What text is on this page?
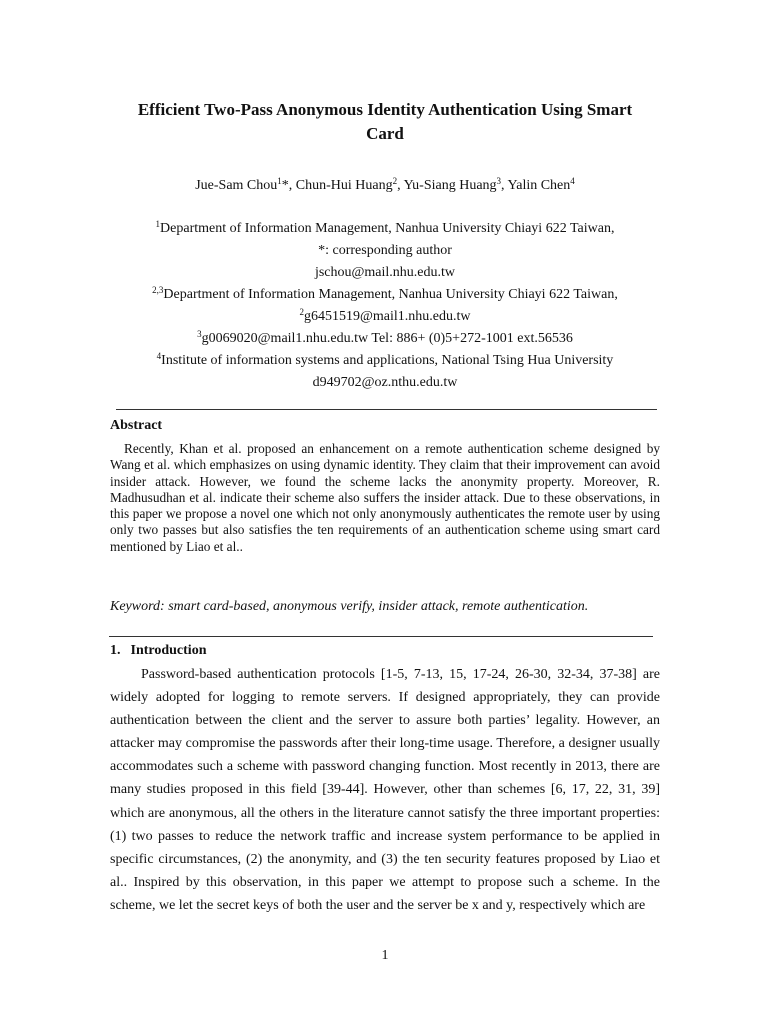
Efficient Two-Pass Anonymous Identity Authentication Using Smart
Card
Jue-Sam Chou$^1$*, Chun-Hui Huang$^2$, Yu-Siang Huang$^3$, Yalin Chen$^4$
$^1$Department of Information Management, Nanhua University Chiayi 622 Taiwan,
*: corresponding author
jschou@mail.nhu.edu.tw
$^{2,3}$Department of Information Management, Nanhua University Chiayi 622 Taiwan,
$^2$g6451519@mail1.nhu.edu.tw
$^3$g0069020@mail1.nhu.edu.tw Tel: 886+ (0)5+272-1001 ext.56536
$^4$Institute of information systems and applications, National Tsing Hua University
d949702@oz.nthu.edu.tw
Abstract
Recently, Khan et al. proposed an enhancement on a remote authentication scheme designed by Wang et al. which emphasizes on using dynamic identity. They claim that their improvement can avoid insider attack. However, we found the scheme lacks the anonymity property. Moreover, R. Madhusudhan et al. indicate their scheme also suffers the insider attack. Due to these observations, in this paper we propose a novel one which not only anonymously authenticates the remote user by using only two passes but also satisfies the ten requirements of an authentication scheme using smart card mentioned by Liao et al..
Keyword: smart card-based, anonymous verify, insider attack, remote authentication.
1. Introduction
Password-based authentication protocols [1-5, 7-13, 15, 17-24, 26-30, 32-34, 37-38] are widely adopted for logging to remote servers. If designed appropriately, they can provide authentication between the client and the server to assure both parties’ legality. However, an attacker may compromise the passwords after their long-time usage. Therefore, a designer usually accommodates such a scheme with password changing function. Most recently in 2013, there are many studies proposed in this field [39-44]. However, other than schemes [6, 17, 22, 31, 39] which are anonymous, all the others in the literature cannot satisfy the three important properties: (1) two passes to reduce the network traffic and increase system performance to be applied in specific circumstances, (2) the anonymity, and (3) the ten security features proposed by Liao et al.. Inspired by this observation, in this paper we attempt to propose such a scheme. In the scheme, we let the secret keys of both the user and the server be x and y, respectively which are
1
